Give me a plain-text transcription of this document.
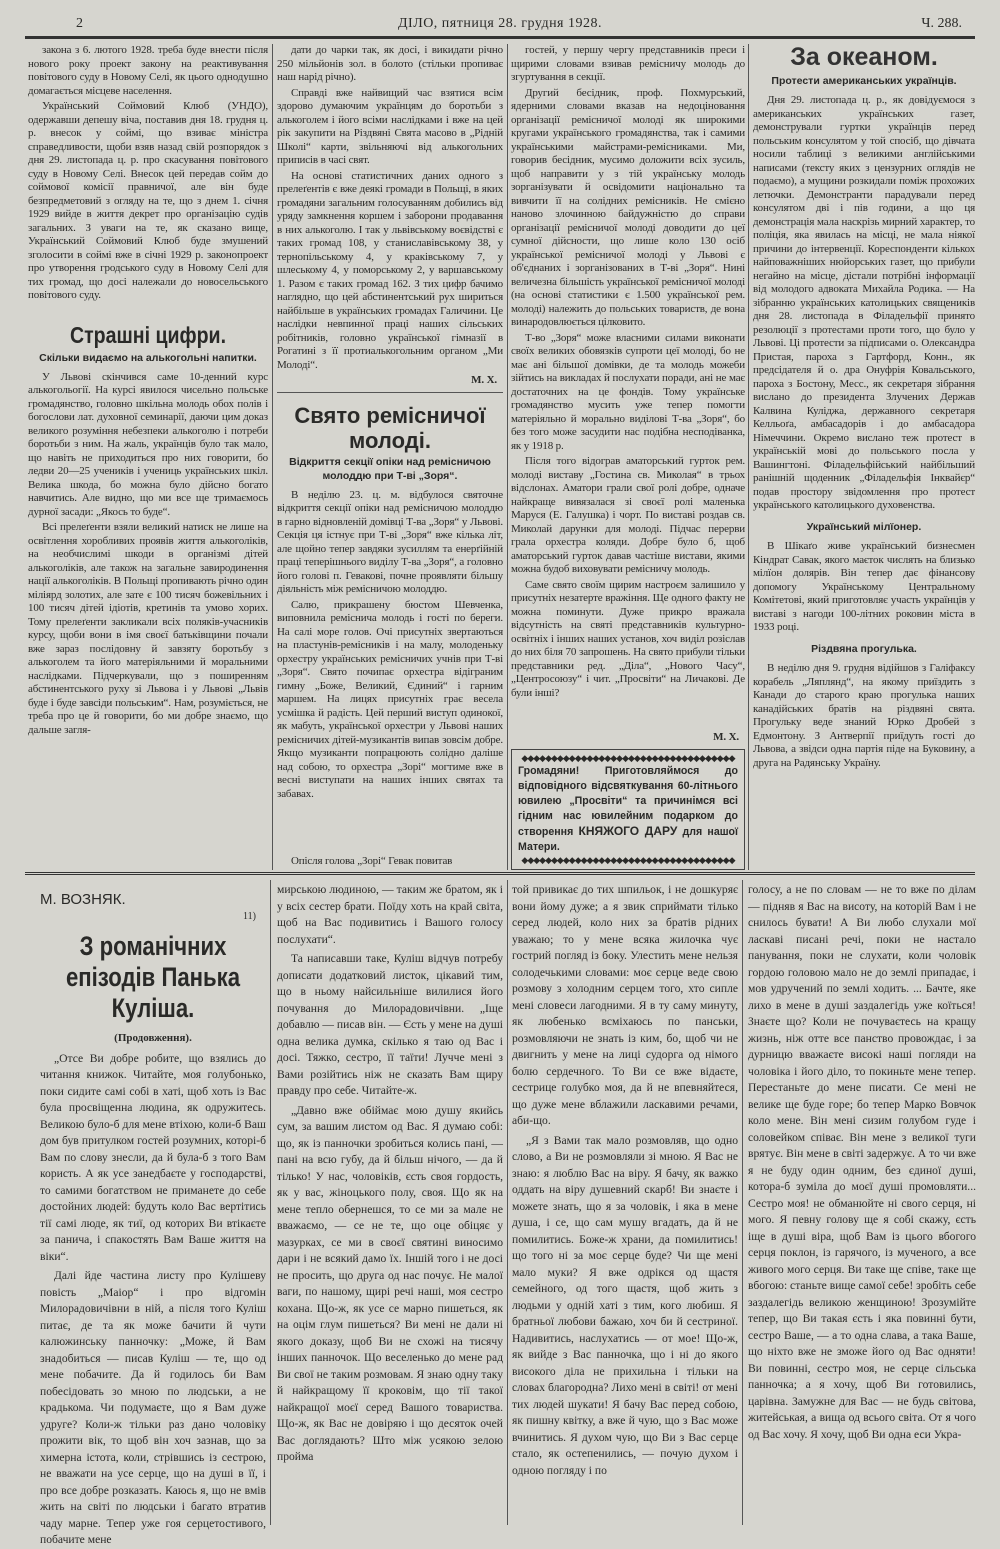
2	ДІЛО, пятниця 28. грудня 1928.	Ч. 288.

закона з 6. лютого 1928. треба буде внести після нового року проект закону на реактивування повітового суду в Новому Селі, як цього однодушно домагається місцеве населення.

Український Соймовий Клюб (УНДО), одержавши депешу віча, поставив дня 18. грудня ц. р. внесок у соймі, що взиває міністра справедливости, щоби взяв назад свій розпорядок з дня 29. листопада ц. р. про скасування повітового суду в Новому Селі. Внесок цей передав сойм до соймової комісії правничої, але він буде безпредметовий з огляду на те, що з днем 1. січня 1929 вийде в життя декрет про організацію судів загальних. З уваги на те, як сказано вище, Український Соймовий Клюб буде змушений зголосити в соймі вже в січні 1929 р. законопроект про утворення гродського суду в Новому Селі для тих громад, що досі належали до новосельського повітового суду.

Страшні цифри.
Скільки видаємо на алькогольні напитки.

У Львові скінчився саме 10-денний курс алькогольогії. На курсі явилося чисельно польське громадянство, головно шкільна молодь обох полів і богослови лат. духовної семинарії, даючи цим доказ великого розуміння небезпеки алькоголю і потреби боротьби з ним. На жаль, українців було так мало, що навіть не приходиться про них говорити, бо ледви 20—25 учеників і учениць українських шкіл. Велика шкода, бо можна було дійсно богато навчитись. Але видно, що ми все ще тримаємось дурної засади: „Якось то буде“.

Всі прелеґенти взяли великий натиск не лише на освітлення хоробливих проявів життя алькоголіків, на необчислимі шкоди в організмі дітей алькоголіків, але також на загальне завиродинення нації алькоголіків. В Польщі пропивають річно один міліярд золотих, але зате є 100 тисяч божевільних і 100 тисяч дітей ідіотів, кретинів та умово хорих. Тому прелеґенти закликали всіх поляків-учасників курсу, щоби вони в імя своєї батьківщини почали вже зараз послідовну й завзяту боротьбу з алькоголем та його матеріяльними й моральними наслідками. Підчеркували, що з поширенням абстинентського руху зі Львова і у Львові „Львів буде і буде завсіди польським“. Нам, розуміється, не треба про це й говорити, бо ми добре знаємо, що дальше загля-

дати до чарки так, як досі, і викидати річно 250 мільйонів зол. в болото (стільки пропиває наш нарід річно).

Справді вже найвищий час взятися всім здорово думаючим українцям до боротьби з алькоголем і його всіми наслідками і вже на цей рік закупити на Різдвяні Свята масово в „Рідній Школі“ карти, звільняючі від алькогольних приписів в часі свят.

На основі статистичних даних одного з прелеґентів є вже деякі громади в Польщі, в яких громадяни загальним голосуванням добились від уряду замкнення коршем і заборони продавання в них алькоголю. І так у львівському воєвідстві є таких громад 108, у станиславівському 38, у тернопільському 4, у краківському 7, у шлеському 4, у поморському 2, у варшавському 1. Разом є таких громад 162. З тих цифр бачимо наглядно, що цей абстинентський рух ширитьcя найбільше в українських громадах Галичини. Це наслідки невпинної праці наших сільських робітників, головно української гімназії в Рогатині з її протиалькогольним органом „Ми Молоді“.

М. Х.
Свято ремісничої молоді.
Відкриття секції опіки над ремісничою молоддю при Т-ві „Зоря“.

В неділю 23. ц. м. відбулося святочне відкриття секції опіки над ремісничою молоддю в гарно відновленій домівці Т-ва „Зоря“ у Львові. Секція ця істнує при Т-ві „Зоря“ вже кілька літ, але щойно тепер завдяки зусиллям та енерґійній праці теперішнього виділу Т-ва „Зоря“, а головно його голові п. Гевакові, почне проявляти більшу діяльність між ремісничою молоддю.

Салю, прикрашену бюстом Шевченка, виповнила ремісничa молодь і гості по береги. На салі море голов. Очі присутніх звертаються на пластунів-ремісників і на малу, молоденьку орхестру українських ремісничих учнів при Т-ві „Зоря“. Свято почипає орхестра відіграним гимну „Боже, Великий, Єдиний“ і гарним маршем. На лицях присутніх грає весела усмішка й радість. Цей перший виступ одинокої, як мабуть, української орхестри у Львові наших ремісничих дітей-музикантів випав зовсім добре. Якщо музиканти попрацюють солідно даліше над собою, то орхестра „Зорі“ могтиме вже в весні виступати на наших інших святах та забавах.

Опісля голова „Зорі“ Гевак повитав

гостей, у першу чергу представників преси і щирими словами взивав ремісничу молодь до згуртування в секції.

Другий бесідник, проф. Похмурський, ядерними словами вказав на недоціновання організації ремісничої молоді як широкими кругами українського громадянства, так і самими українськими майстрами-ремісниками. Ми, говорив бесідник, мусимо доложити всіх зусиль, щоб направити у з тій українську молодь зорганізувати й освідомити національно та вивчити її на солідних ремісників. Не смієно наново злочинною байдужністю до справи організації ремісничої молоді доводити до цеї сумної дійсности, що лише коло 130 осіб української ремісничої молоді у Львові є об'єднаних і зорганізованих в Т-ві „Зоря“. Нині величезна більшість української ремісничої молоді (на основі статистики є 1.500 української рем. молоді) належить до польських товариств, де вона винародовлюється цілковито.

Т-во „Зоря“ може власними силами виконати своїх великих обовязків супроти цеї молоді, бо не має ані більшої домівки, де та молодь можеби зійтись на викладах й послухати поради, ані не має достаточних на це фондів. Тому українське громадянство мусить уже тепер помогти матеріяльно й морально виділові Т-ва „Зоря“, бо без того може засудити нас подібна несподіванка, як у 1918 р.

Після того відограв аматорський гурток рем. молоді виставу „Гостина св. Миколая“ в трьох відслонах. Аматори грали свої ролі добре, одначе найкраще вивязалася зі своєї ролі маленька Маруся (Е. Галушка) і чорт. По виставі роздав св. Миколай дарунки для молоді. Підчас перерви грала орхестра коляди. Добре було б, щоб аматорський гурток давав частіше вистави, якими можна будоб виховувати ремісничу молодь.

Саме свято своїм щирим настроєм залишило у присутніх незатерте вражіння. Ще одного факту не можна поминути. Дуже прикро вражала відсутність на святі представників культурно-освітніх і інших наших установ, хоч виділ розіслав до них біля 70 запрошень. На свято прибули тільки представники ред. „Діла“, „Нового Часу“, „Центросоюзу“ і чит. „Просвіти“ на Личакові. Де були інші?

М. Х.
◆◆◆◆◆◆◆◆◆◆◆◆◆◆◆◆◆◆◆◆◆◆◆◆◆◆◆◆◆◆◆◆◆◆◆◆
Громадяни! Приготовляймося до відповідного відсвяткування 60-літнього ювилею „Просвіти“ та причинімся всі гідним нас ювилейним подарком до створення КНЯЖОГО ДАРУ для нашої Матери.
◆◆◆◆◆◆◆◆◆◆◆◆◆◆◆◆◆◆◆◆◆◆◆◆◆◆◆◆◆◆◆◆◆◆◆◆
За океаном.
Протести американських українців.

Дня 29. листопада ц. р., як довідуємося з американських українських газет, демонстрували гуртки українців перед польським консулятом у той спосіб, що дівчата носили таблиці з великими англійськими написами (тексту яких з цензурних оглядів не подаємо), а мущини розкидали поміж прохожих летючки. Демонстранти парадували перед консулятом дві і пів години, а що ця демонстрація мала наскрізь мирний характер, то поліція, яка явилась на місці, не мала ніякої причини до інтервенції. Кореспонденти кількох найповажніших нюйорських газет, що прибули негайно на місце, дістали потрібні інформації від молодого адвоката Михайла Родика. — На зібранню українських католицьких священиків дня 28. листопада в Філадельфії принято резолюції з протестами проти того, що було у Львові. Ці протести за підписами о. Олександра Пристая, пароха з Гартфорд, Конн., як предсідателя й о. дра Онуфрія Ковальського, пароха з Бостону, Месс., як секретаря зібрання вислано до президента Злучених Держав Калвина Куліджа, державного секретаря Келльоґа, амбасадорів і до амбасадора Німеччини. Окремо вислано теж протест в українській мові до польського посла у Вашингтоні. Філадельфійський найбільший ранішній щоденник „Філадельфія Інквайєр“ подав простору звідомлення про протест українського католицького духовенства.

Український мілїонер.

В Шікаґо живе український бизнесмен Кіндрат Савак, якого маєток числять на близько мілїон долярів. Він тепер дає фінансову допомогу Українському Центральному Комітетові, який приготовляє участь українців у виставі з нагоди 100-літних роковин міста в 1933 році.

Різдвяна прогулька.

В неділю дня 9. грудня відійшов з Галіфаксу корабель „Ляплянд“, на якому приїздить з Канади до старого краю прогулька наших канадійських братів на різдвяні свята. Прогульку веде знаний Юрко Дробей з Едмонтону. З Антверпії приїдуть гості до Львова, а звідси одна партія піде на Буковину, а друга на Радянську Україну.

М. ВОЗНЯК.
11)
З романічних епізодів Панька Куліша.
(Продовження).

„Отсе Ви добре робите, що взялись до читання книжок. Читайте, моя голубонько, поки сидите самі собі в хаті, щоб хоть із Вас була просвіщенна людина, як одружитесь. Великою було-б для мене втіхою, коли-б Ваш дом був притулком гостей розумних, которі-б Вам по слову знесли, да й була-б з того Вам користь. А як усе занедбаєте у господарстві, то самими богатством не приманете до себе достойних людей: будуть коло Вас вертітись тії самі люде, як тиї, од которих Ви втікаєте за панича, і спакостять Вам Ваше життя на віки“.

Далі йде частина листу про Кулішеву повість „Маіор“ і про відгомін Милорадовичівни в ній, а після того Куліш питає, де та як може бачити й чути калюжинську панночку: „Може, й Вам знадобиться — писав Куліш — те, що од мене побачите. Да й годилось би Вам побесідовать зо мною по людськи, а не крадькома. Чи подумаєте, що я Вам дуже удруге? Коли-ж тільки раз дано чоловіку прожити вік, то щоб він хоч зазнав, що за химерна істота, коли, стрівшись із сестрою, не вважати на усе серце, що на душі в її, і про все добре розказать. Каюсь я, що не вмів жить на світі по людськи і багато втратив чаду марне. Тепер уже гоя серцетостивого, побачите мене

мирською людиною, — таким же братом, як і у всіх сестер брати. Поїду хоть на край світа, щоб на Вас подивитись і Вашого голосу послухати“.

Та написавши таке, Куліш відчув потребу дописати додатковий листок, цікавий тим, що в ньому найсильніше вилилися його почування до Милорадовичівни. „Іще добавлю — писав він. — Єсть у мене на душі одна велика думка, скілько я таю од Вас і досі. Тяжко, сестро, її таїти! Лучче мені з Вами розійтись ніж не сказать Вам щиру правду про себе. Читайте-ж.

„Давно вже обіймає мою душу якийсь сум, за вашим листом од Вас. Я думаю собі: що, як із панночки зробиться колись пані, — пані на всю губу, да й більш нічого, — да й тілько! У нас, чоловіків, єсть своя гордость, як у вас, жіноцького полу, своя. Що як на мене тепло обернешся, то се ми за мале не вважаємо, — се не те, що оце обіцяє у мазурках, се ми в своєї святині виносимо дари і не всякий дамо їх. Іншій того і не досі не просить, що друга од нас почує. Не малої ваги, по нашому, щирі речі наші, моя сестро кохана. Що-ж, як усе се марно пишеться, як на оцім глум пишеться? Ви мені не дали ні якого доказу, щоб Ви не схожі на тисячу інших панночок. Що веселенько до мене рад Ви свої не таким розмовам. Я знаю одну таку й найкращому її кроковім, що тії такої найкращої моєї серед Вашого товариства. Що-ж, як Вас не довіряю і що десяток очей Вас доглядають? Што між усякою зелою пройма

той привикає до тих шпильок, і не дошкуряє вони йому дуже; а я звик сприймати тілько серед людей, коло них за братів рідних уважаю; то у мене всяка жилочка чує гострий погляд із боку. Улестить мене нельзя солодечькими словами: моє серце веде свою розмову з холодним серцем того, хто сипле мені словеси лагодними. Я в ту саму минуту, як любенько всміхаюсь по панськи, розмовляючи не знать із ким, бо, щоб чи не двигнить у мене на лиці судорга од німого болю сердечного. То Ви се вже відаєте, сестрице голубко моя, да й не впевняйтеся, що дуже мене вблажили ласкавими речами, аби-що.

„Я з Вами так мало розмовляв, що одно слово, а Ви не розмовляли зі мною. Я Вас не знаю: я люблю Вас на віру. Я бачу, як важко оддать на віру душевний скарб! Ви знаєте і можете знать, що я за чоловік, і яка в мене душа, і се, що сам мушу вгадать, да й не помилитись. Боже-ж храни, да помилитись! що того ні за моє серце буде? Чи ще мені мало муки? Я вже одрікся од щастя семейного, од того щастя, щоб жить з людьми у одній хаті з тим, кого любиш. Я братньої любови бажаю, хоч би й сестриної. Надивитись, наслухатись — от мое! Що-ж, як вийде з Вас панночка, що і ні до якого високого діла не прихильна і тільки на словах благородна? Лихо мені в світі! от мені тих людей шукати! Я бачу Вас перед собою, як пишну квітку, а вже й чую, що з Вас може вчинитись. Я духом чую, що Ви з Вас серце стало, як остепенились, — почую духом і одною погляду і по

голосу, а не по словам — не то вже по ділам — підняв я Вас на висоту, на которій Вам і не снилось бувати! А Ви любо слухали мої ласкаві писані речі, поки не настало панування, поки не слухати, коли чоловік гордою головою мало не до землі припадає, і мов удручений по землі ходить. ... Бачте, яке лихо в мене в душі заздалегідь уже коїться! Знаєте що? Коли не почуваєтесь на кращу жизнь, ніж отте все панство провождає, і за дурницю вважаєте високі наші погляди на чоловіка і його діло, то покиньте мене тепер. Перестаньте до мене писати. Се мені не велике ще буде горе; бо тепер Марко Вовчок коло мене. Він мені сизим голубом гуде і соловейком співає. Він мене з великої туги врятує. Він мене в світі задержує. А то чи вже я не буду один одним, без єдиної душі, котора-б зуміла до моєї душі промовляти... Сестро моя! не обманюйте ні свого серця, ні мого. Я певну голову ще я собі скажу, єсть іще в душі віра, щоб Вам із цього вбогого серця поклон, із гарячого, із мученого, а все живого мого серця. Ви таке ще співе, таке ще вбогою: станьте вище самої себе! зробіть себе заздалегідь великою женщиною! Зрозумійте тепер, що Ви такая єсть і яка повинні бути, сестро Ваше, — а то одна слава, а така Ваше, що ніхто вже не зможе його од Вас одняти! Ви повинні, сестро моя, не серце сільська панночка; а я хочу, щоб Ви готовились, царівна. Замужне для Вас — не будь світова, житейськая, а вища од всього світа. От я чого од Вас хочу. Я хочу, щоб Ви одна еси Укра-
